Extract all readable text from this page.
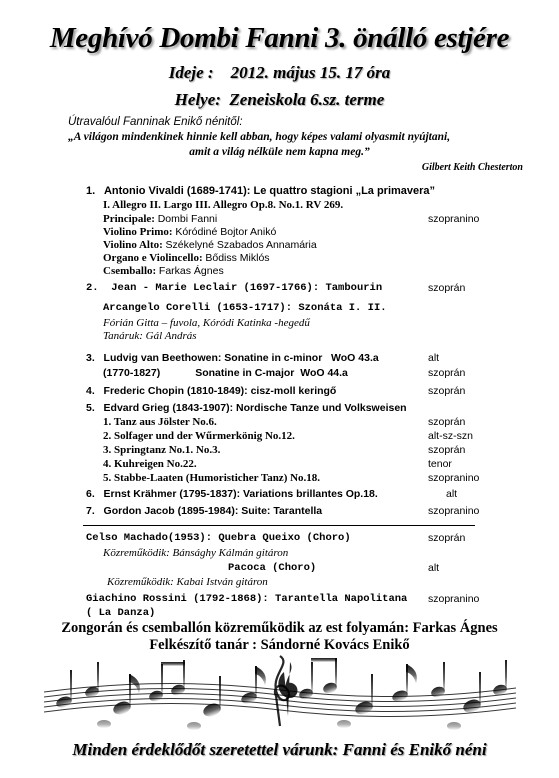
Meghívó Dombi Fanni 3. önálló estjére
Ideje : 2012. május 15. 17 óra
Helye: Zeneiskola 6.sz. terme
Útravalóul Fanninak Enikő nénitől:
„A világon mindenkinek hinnie kell abban, hogy képes valami olyasmit nyújtani,
amit a világ nélküle nem kapna meg.”
Gilbert Keith Chesterton
1. Antonio Vivaldi (1689-1741): Le quattro stagioni „La primavera”
I. Allegro II. Largo III. Allegro Op.8. No.1. RV 269.
Principale: Dombi Fanni	szopranino
Violino Primo: Kóródiné Bojtor Anikó
Violino Alto: Székelyné Szabados Annamária
Organo e Violincello: Bődiss Miklós
Csemballo: Farkas Ágnes
2. Jean - Marie Leclair (1697-1766): Tambourin	szoprán
Arcangelo Corelli (1653-1717): Szonáta I. II.
Fórián Gitta – fuvola, Kóródi Katinka -hegedű
Tanáruk: Gál András
3. Ludvig van Beethowen: Sonatine in c-minor   WoO 43.a	alt
(1770-1827)            Sonatine in C-major  WoO 44.a	szoprán
4. Frederic Chopin (1810-1849): cisz-moll keringő	szoprán
5. Edvard Grieg (1843-1907): Nordische Tanze und Volksweisen
1. Tanz aus Jölster No.6.	szoprán
2. Solfager und der Wűrmerkönig No.12.	alt-sz-szn
3. Springtanz No.1. No.3.	szoprán
4. Kuhreigen No.22.	tenor
5. Stabbe-Laaten (Humoristicher Tanz) No.18.	szopranino
6. Ernst Krähmer (1795-1837): Variations brillantes Op.18.	alt
7. Gordon Jacob (1895-1984): Suite: Tarantella	szopranino
Celso Machado(1953): Quebra Queixo (Choro)	szoprán
Közreműködik: Bánsághy Kálmán gitáron
Pacoca (Choro)	alt
Közreműködik: Kabai István gitáron
Giachino Rossini (1792-1868): Tarantella Napolitana szopranino
( La Danza)
Zongorán és csemballón közreműködik az est folyamán: Farkas Ágnes
Felkészítő tanár : Sándorné Kovács Enikő
Minden érdeklődőt szeretettel várunk: Fanni és Enikő néni
